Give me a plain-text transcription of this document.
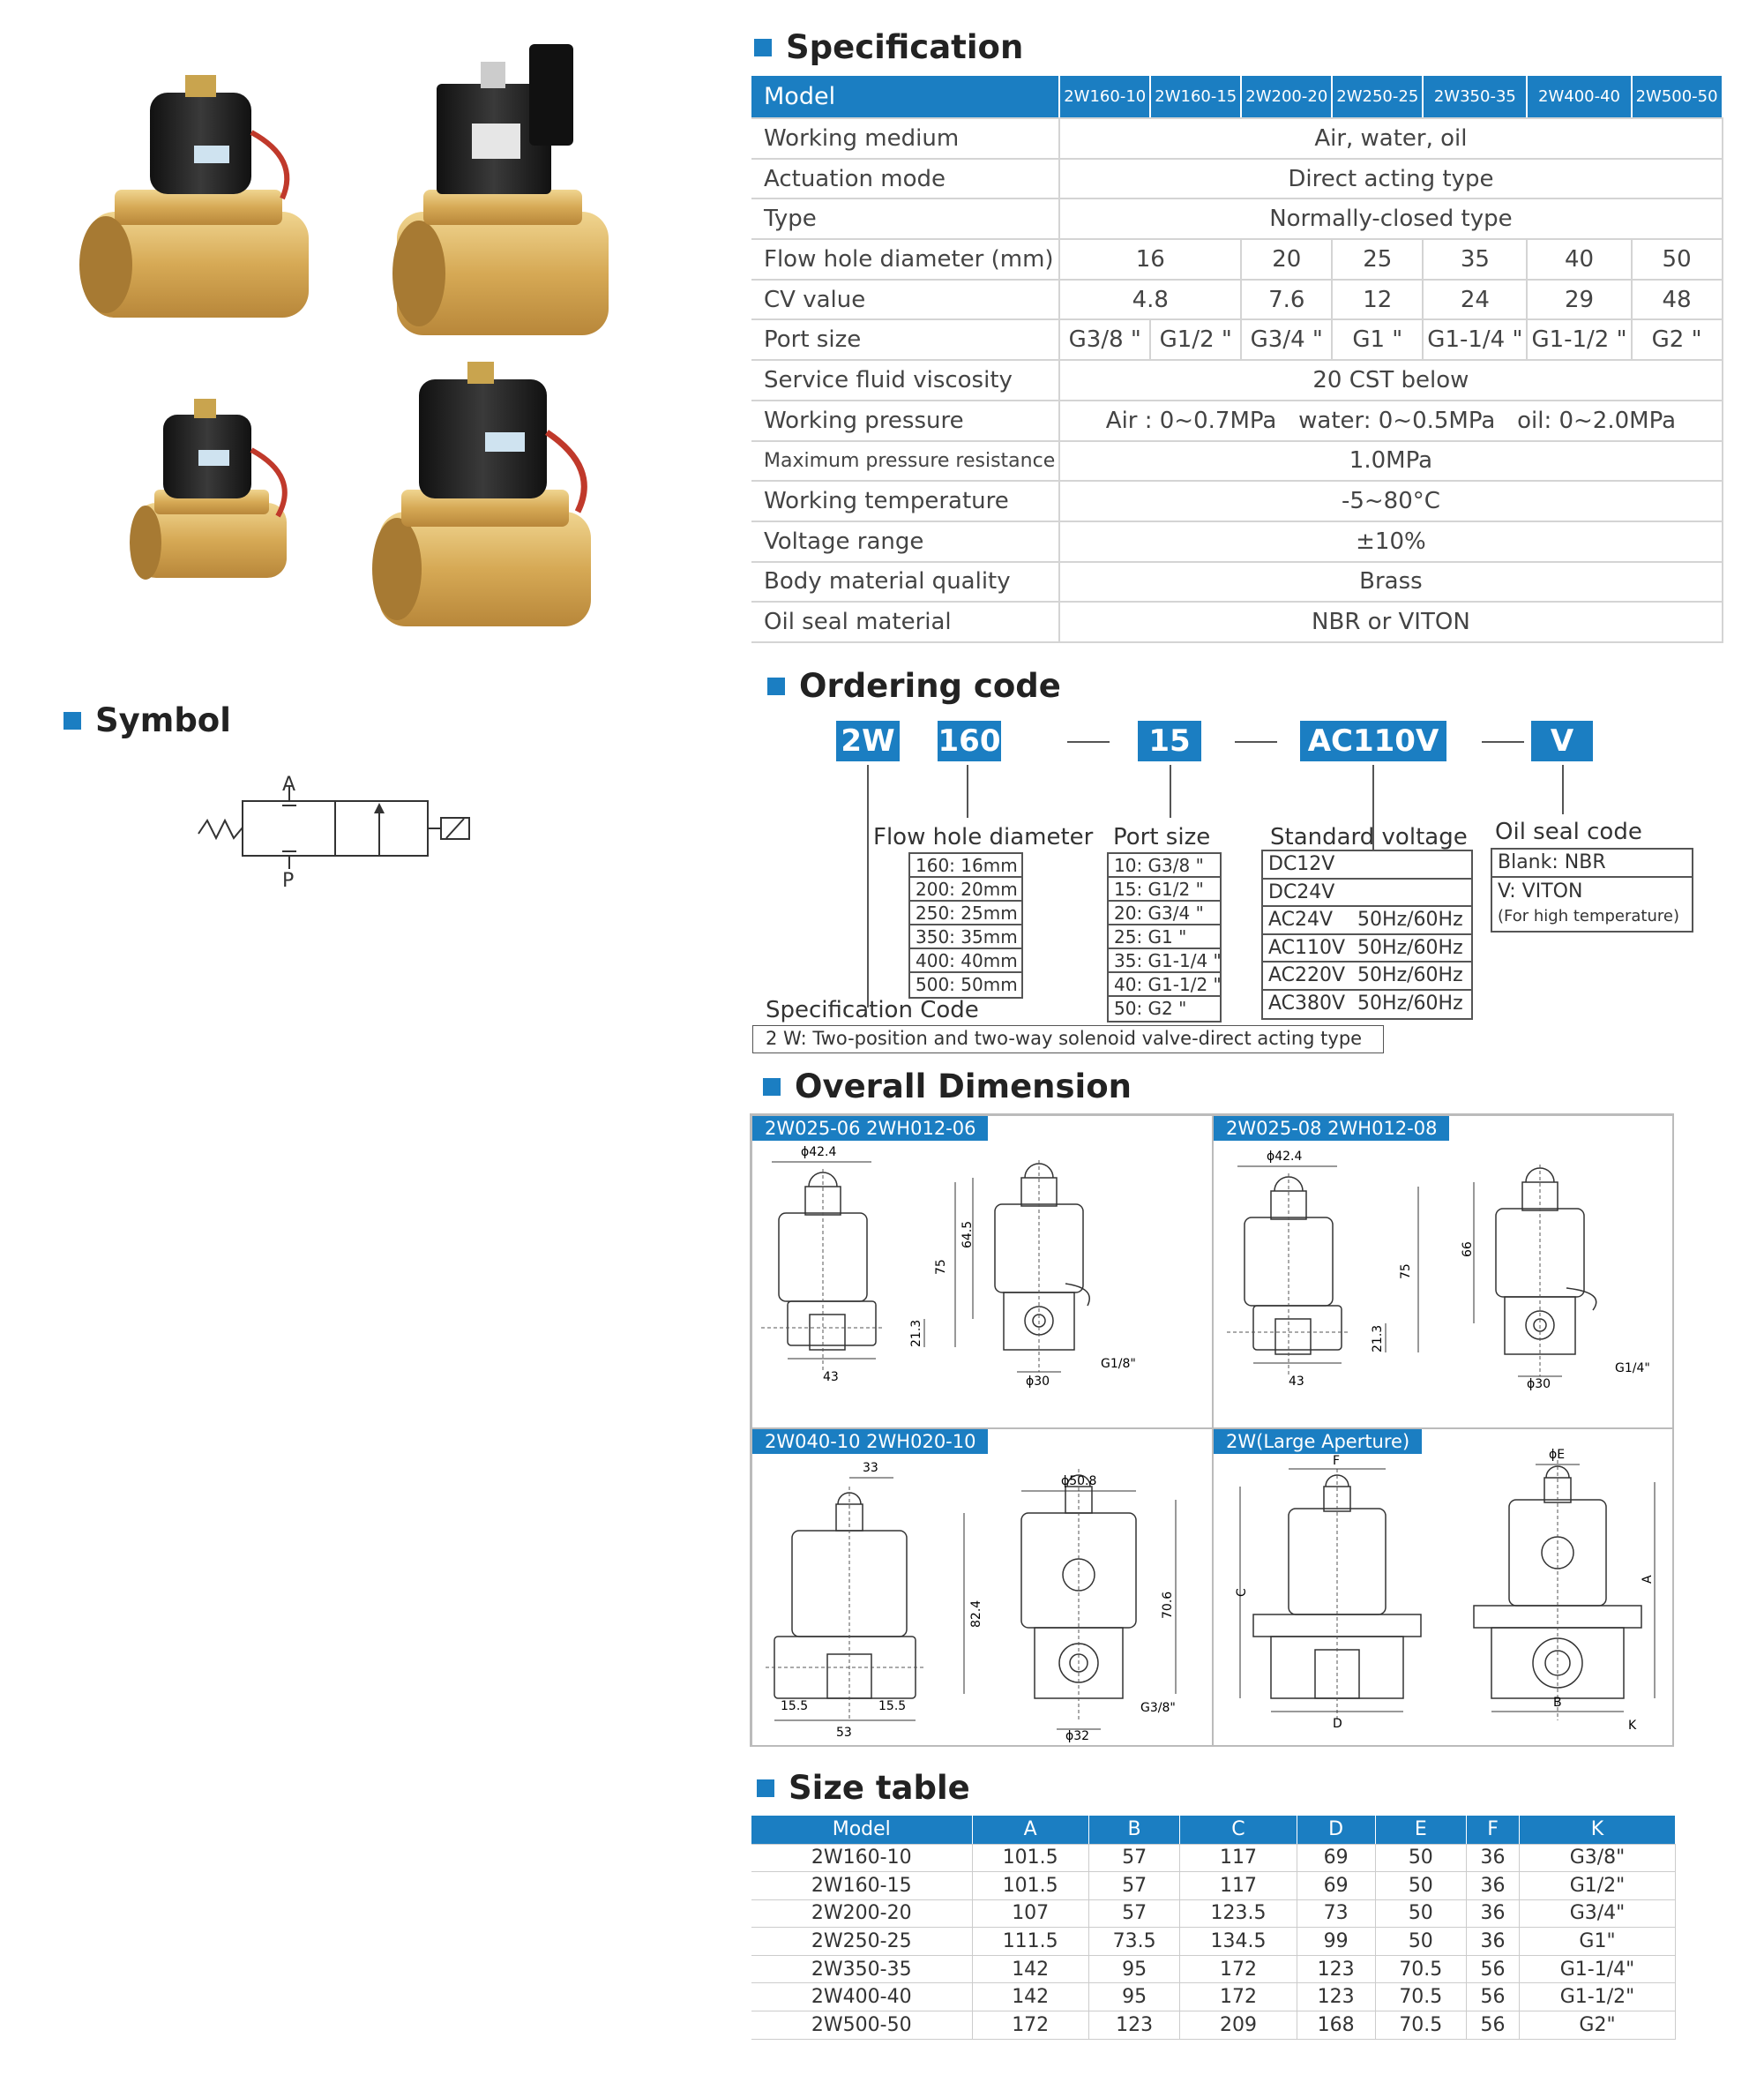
Symbol
A
P
Specification
Model	2W160-10	2W160-15	2W200-20	2W250-25	2W350-35	2W400-40	2W500-50
Working medium	Air, water, oil						
Actuation mode	Direct acting type						
Type	Normally-closed type						
Flow hole diameter (mm)	16		20	25	35	40	50
CV value	4.8		7.6	12	24	29	48
Port size	G3/8 "	G1/2 "	G3/4 "	G1 "	G1-1/4 "	G1-1/2 "	G2 "
Service fluid viscosity	20 CST below						
Working pressure	Air : 0~0.7MPa   water: 0~0.5MPa   oil: 0~2.0MPa						
Maximum pressure resistance	1.0MPa						
Working temperature	-5~80°C						
Voltage range	±10%						
Body material quality	Brass						
Oil seal material	NBR or VITON						
Ordering code
2W 160	15	AC110V	V
Flow hole diameter
160: 16mm
200: 20mm
250: 25mm
350: 35mm
400: 40mm
500: 50mm
Port size
10: G3/8 "
15: G1/2 "
20: G3/4 "
25: G1 "
35: G1-1/4 "
40: G1-1/2 "
50: G2 "
Standard voltage
DC12V
DC24V
AC24V    50Hz/60Hz
AC110V  50Hz/60Hz
AC220V  50Hz/60Hz
AC380V  50Hz/60Hz
Oil seal code
Blank: NBR
V: VITON
(For high temperature)
Specification Code
2 W: Two-position and two-way solenoid valve-direct acting type
Overall Dimension
2W025-06 2WH012-06
ϕ42.4
75
64.5
21.3
43	ϕ30
G1/8"
2W025-08 2WH012-08
ϕ42.4
75
66
21.3
43	ϕ30
G1/4"
2W040-10 2WH020-10
33
ϕ50.8
82.4	70.6
15.5	15.5
53	ϕ32
G3/8"
2W(Large Aperture)
F
C
D
ϕE
A
B
K
Size table
Model	A	B	C	D	E	F	K
2W160-10	101.5	57	117	69	50	36	G3/8"
2W160-15	101.5	57	117	69	50	36	G1/2"
2W200-20	107	57	123.5	73	50	36	G3/4"
2W250-25	111.5	73.5	134.5	99	50	36	G1"
2W350-35	142	95	172	123	70.5	56	G1-1/4"
2W400-40	142	95	172	123	70.5	56	G1-1/2"
2W500-50	172	123	209	168	70.5	56	G2"
